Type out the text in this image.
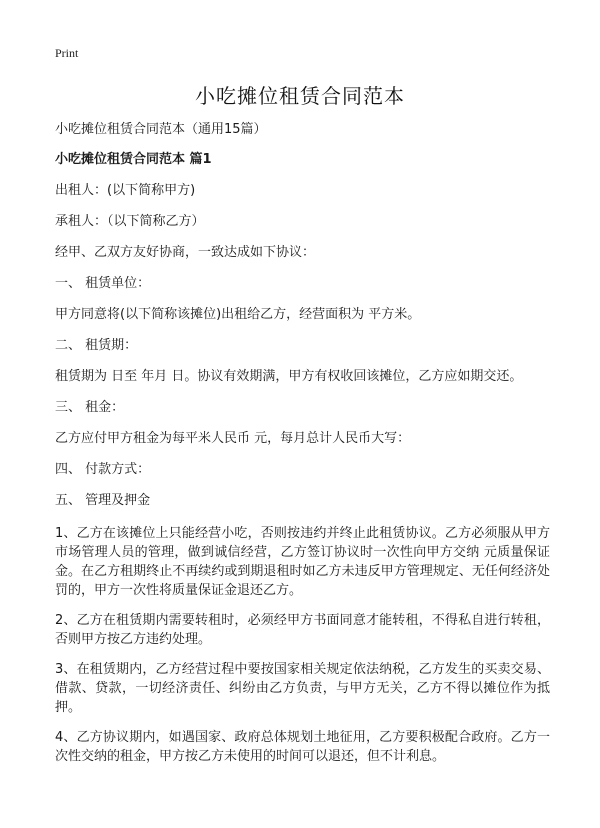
Print
小吃摊位租赁合同范本

小吃摊位租赁合同范本（通用15篇）

小吃摊位租赁合同范本 篇1

出租人：(以下简称甲方)

承租人：（以下简称乙方）

经甲、乙双方友好协商，一致达成如下协议：

一、 租赁单位：

甲方同意将(以下简称该摊位)出租给乙方，经营面积为 平方米。

二、 租赁期：

租赁期为 日至 年月 日。协议有效期满，甲方有权收回该摊位，乙方应如期交还。

三、 租金：

乙方应付甲方租金为每平米人民币 元，每月总计人民币大写：

四、 付款方式：

五、 管理及押金

1、乙方在该摊位上只能经营小吃，否则按违约并终止此租赁协议。乙方必须服从甲方市场管理人员的管理，做到诚信经营，乙方签订协议时一次性向甲方交纳 元质量保证金。在乙方租期终止不再续约或到期退租时如乙方未违反甲方管理规定、无任何经济处罚的，甲方一次性将质量保证金退还乙方。

2、乙方在租赁期内需要转租时，必须经甲方书面同意才能转租，不得私自进行转租，否则甲方按乙方违约处理。

3、在租赁期内，乙方经营过程中要按国家相关规定依法纳税，乙方发生的买卖交易、借款、贷款，一切经济责任、纠纷由乙方负责，与甲方无关，乙方不得以摊位作为抵押。

4、乙方协议期内，如遇国家、政府总体规划土地征用，乙方要积极配合政府。乙方一次性交纳的租金，甲方按乙方未使用的时间可以退还，但不计利息。
